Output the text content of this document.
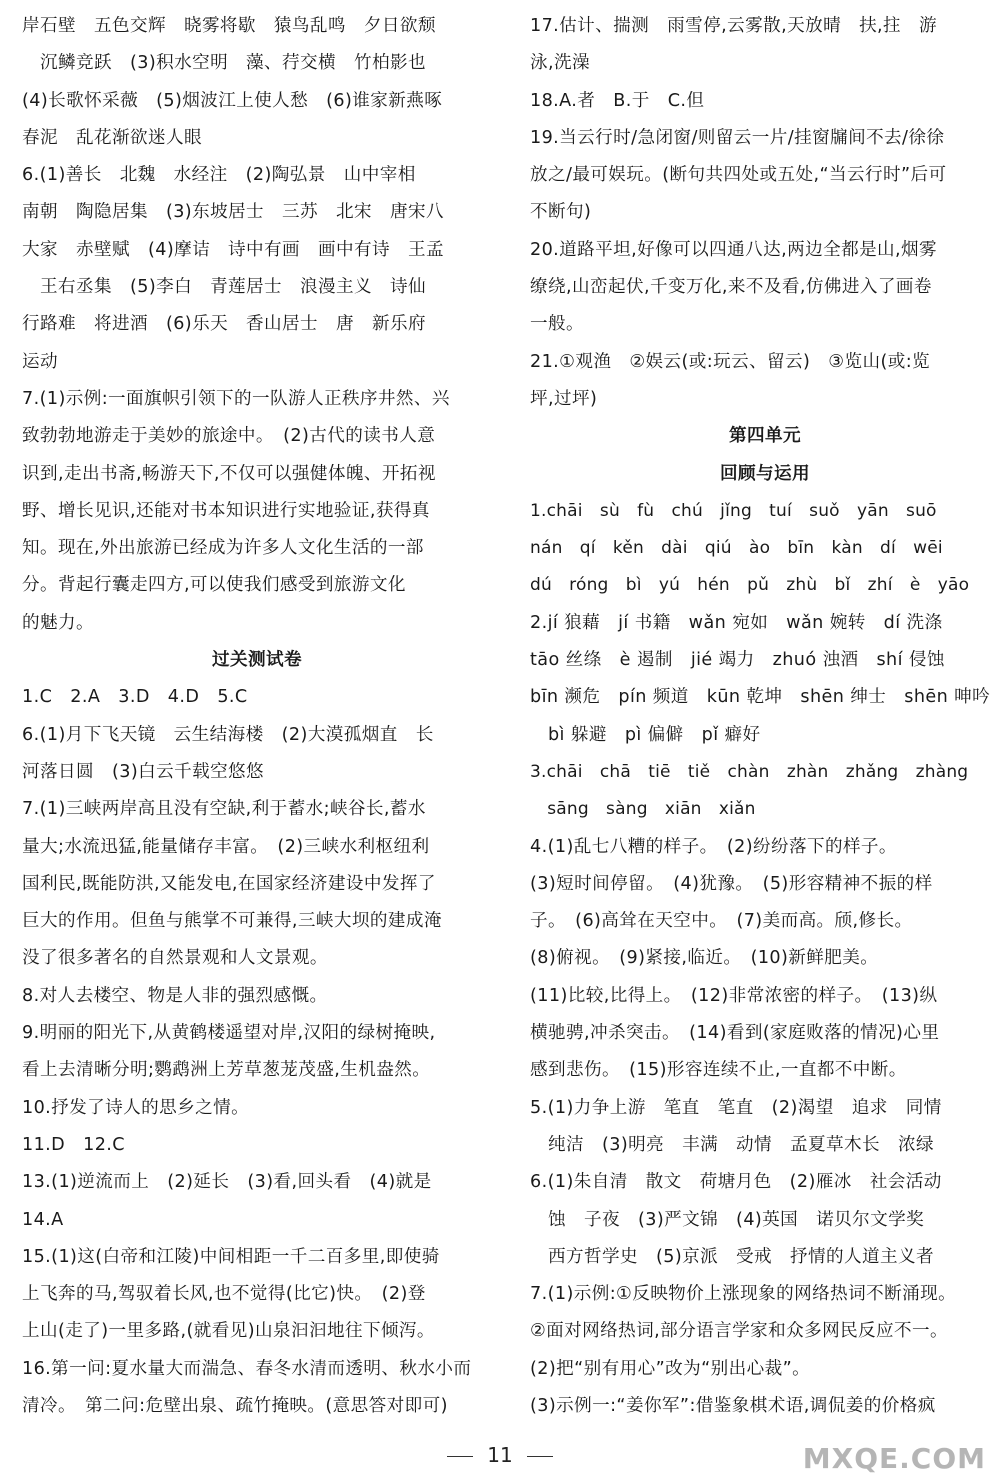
岸石壁　五色交辉　晓雾将歇　猿鸟乱鸣　夕日欲颓
　沉鳞竞跃　(3)积水空明　藻、荇交横　竹柏影也
(4)长歌怀采薇　(5)烟波江上使人愁　(6)谁家新燕啄
春泥　乱花渐欲迷人眼
6.(1)善长　北魏　水经注　(2)陶弘景　山中宰相
南朝　陶隐居集　(3)东坡居士　三苏　北宋　唐宋八
大家　赤壁赋　(4)摩诘　诗中有画　画中有诗　王孟
　王右丞集　(5)李白　青莲居士　浪漫主义　诗仙
行路难　将进酒　(6)乐天　香山居士　唐　新乐府
运动
7.(1)示例:一面旗帜引领下的一队游人正秩序井然、兴
致勃勃地游走于美妙的旅途中。　(2)古代的读书人意
识到,走出书斋,畅游天下,不仅可以强健体魄、开拓视
野、增长见识,还能对书本知识进行实地验证,获得真
知。现在,外出旅游已经成为许多人文化生活的一部
分。背起行囊走四方,可以使我们感受到旅游文化
的魅力。
过关测试卷
1.C　2.A　3.D　4.D　5.C
6.(1)月下飞天镜　云生结海楼　(2)大漠孤烟直　长
河落日圆　(3)白云千载空悠悠
7.(1)三峡两岸高且没有空缺,利于蓄水;峡谷长,蓄水
量大;水流迅猛,能量储存丰富。　(2)三峡水利枢纽利
国利民,既能防洪,又能发电,在国家经济建设中发挥了
巨大的作用。但鱼与熊掌不可兼得,三峡大坝的建成淹
没了很多著名的自然景观和人文景观。
8.对人去楼空、物是人非的强烈感慨。
9.明丽的阳光下,从黄鹤楼遥望对岸,汉阳的绿树掩映,
看上去清晰分明;鹦鹉洲上芳草葱茏茂盛,生机盎然。
10.抒发了诗人的思乡之情。
11.D　12.C
13.(1)逆流而上　(2)延长　(3)看,回头看　(4)就是
14.A
15.(1)这(白帝和江陵)中间相距一千二百多里,即使骑
上飞奔的马,驾驭着长风,也不觉得(比它)快。　(2)登
上山(走了)一里多路,(就看见)山泉汩汩地往下倾泻。
16.第一问:夏水量大而湍急、春冬水清而透明、秋水小而
清冷。　第二问:危壁出泉、疏竹掩映。(意思答对即可)
17.估计、揣测　雨雪停,云雾散,天放晴　扶,拄　游
泳,洗澡
18.A.者　B.于　C.但
19.当云行时/急闭窗/则留云一片/挂窗牖间不去/徐徐
放之/最可娱玩。(断句共四处或五处,“当云行时”后可
不断句)
20.道路平坦,好像可以四通八达,两边全都是山,烟雾
缭绕,山峦起伏,千变万化,来不及看,仿佛进入了画卷
一般。
21.①观渔　②娱云(或:玩云、留云)　③览山(或:览
坪,过坪)
第四单元
回顾与运用
1.chāi　sù　fù　chú　jǐng　tuí　suǒ　yān　suō
nán　qí　kěn　dài　qiú　ào　bīn　kàn　dí　wēi
dú　róng　bì　yú　hén　pǔ　zhù　bǐ　zhí　è　yāo
2.jí 狼藉　jí 书籍　wǎn 宛如　wǎn 婉转　dí 洗涤
tāo 丝绦　è 遏制　jié 竭力　zhuó 浊酒　shí 侵蚀
bīn 濒危　pín 频道　kūn 乾坤　shēn 绅士　shēn 呻吟
　bì 躲避　pì 偏僻　pǐ 癖好
3.chāi　chā　tiē　tiě　chàn　zhàn　zhǎng　zhàng
　sāng　sàng　xiān　xiǎn
4.(1)乱七八糟的样子。　(2)纷纷落下的样子。
(3)短时间停留。　(4)犹豫。　(5)形容精神不振的样
子。　(6)高耸在天空中。　(7)美而高。颀,修长。
(8)俯视。　(9)紧接,临近。　(10)新鲜肥美。
(11)比较,比得上。　(12)非常浓密的样子。　(13)纵
横驰骋,冲杀突击。　(14)看到(家庭败落的情况)心里
感到悲伤。　(15)形容连续不止,一直都不中断。
5.(1)力争上游　笔直　笔直　(2)渴望　追求　同情
　纯洁　(3)明亮　丰满　动情　孟夏草木长　浓绿
6.(1)朱自清　散文　荷塘月色　(2)雁冰　社会活动
　蚀　子夜　(3)严文锦　(4)英国　诺贝尔文学奖
　西方哲学史　(5)京派　受戒　抒情的人道主义者
7.(1)示例:①反映物价上涨现象的网络热词不断涌现。
②面对网络热词,部分语言学家和众多网民反应不一。
(2)把“别有用心”改为“别出心裁”。
(3)示例一:“姜你军”:借鉴象棋术语,调侃姜的价格疯
11	MXQE.COM
